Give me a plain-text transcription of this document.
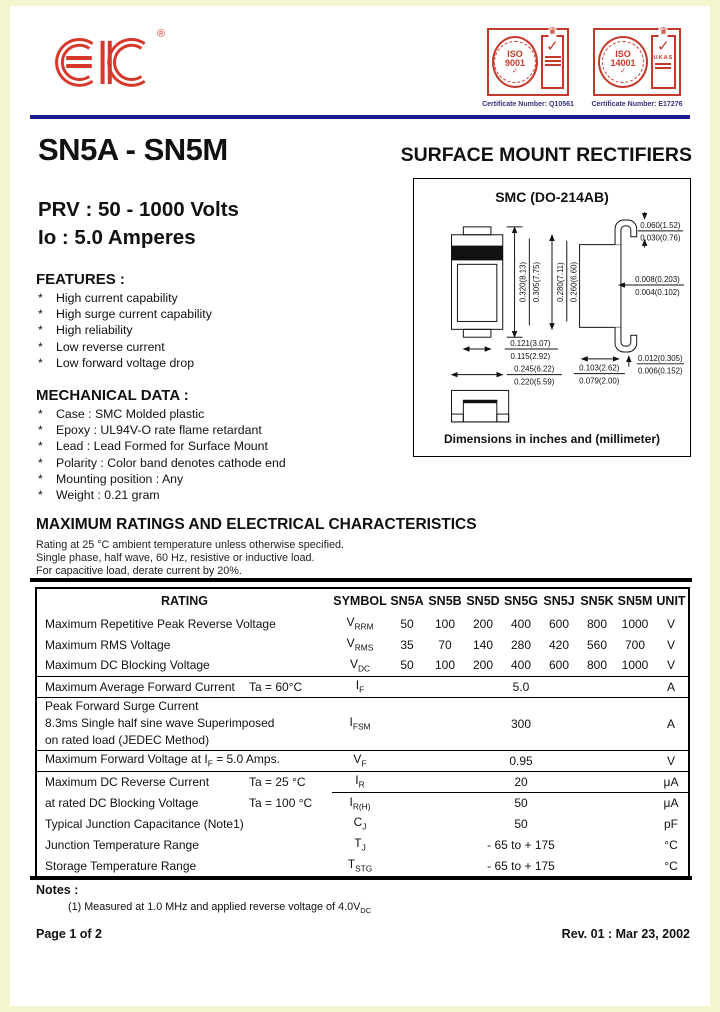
®
ISO
9001
✓
♛
✓
Certificate Number: Q10561
ISO
14001
✓
♛
✓
UKAS
Certificate Number: E17276
SN5A - SN5M	SURFACE MOUNT RECTIFIERS
PRV : 50 - 1000 Volts
Io : 5.0 Amperes
FEATURES :
*	High current capability
*	High surge current capability
*	High reliability
*	Low reverse current
*	Low forward voltage drop
MECHANICAL DATA :
*	Case : SMC Molded plastic
*	Epoxy : UL94V-O rate flame retardant
*	Lead : Lead Formed for Surface Mount
*	Polarity : Color band denotes cathode end
*	Mounting position : Any
*	Weight : 0.21 gram
SMC (DO-214AB)
0.320(8.13) 0.305(7.75) 0.280(7.11) 0.260(6.60)
0.060(1.52)
0.030(0.76)
0.008(0.203)
0.004(0.102)
0.012(0.305)
0.006(0.152)
0.121(3.07)
0.115(2.92)
0.245(6.22)
0.220(5.59)
0.103(2.62)
0.079(2.00)
Dimensions in inches and (millimeter)
MAXIMUM RATINGS AND ELECTRICAL CHARACTERISTICS
Rating at 25 °C ambient temperature unless otherwise specified.
Single phase, half wave, 60 Hz, resistive or inductive load.
For capacitive load, derate current by 20%.
RATING	SYMBOL	SN5A	SN5B	SN5D	SN5G	SN5J	SN5K	SN5M	UNIT
Maximum Repetitive Peak Reverse Voltage	$V_{RRM}$	50	100	200	400	600	800	1000	V
Maximum RMS Voltage	$V_{RMS}$	35	70	140	280	420	560	700	V
Maximum DC Blocking Voltage	$V_{DC}$	50	100	200	400	600	800	1000	V
Maximum Average Forward Current Ta = 60°C	$I_F$	5.0							A

Peak Forward Surge Current
8.3ms Single half sine wave Superimposed
on rated load (JEDEC Method)	$I_{FSM}$	300							A
Maximum Forward Voltage at $I_F = 5.0$ Amps.	$V_F$	0.95							V
Maximum DC Reverse Current Ta = 25 °C	$I_R$	20							μA
at rated DC Blocking Voltage Ta = 100 °C	$I_{R(H)}$	50							μA
Typical Junction Capacitance (Note1)	$C_J$	50							pF
Junction Temperature Range	$T_J$	- 65 to + 175							°C
Storage Temperature Range	$T_{STG}$	- 65 to + 175							°C
Notes :
(1) Measured at 1.0 MHz and applied reverse voltage of $4.0V_{DC}$
Page 1 of 2	Rev. 01 : Mar 23, 2002
